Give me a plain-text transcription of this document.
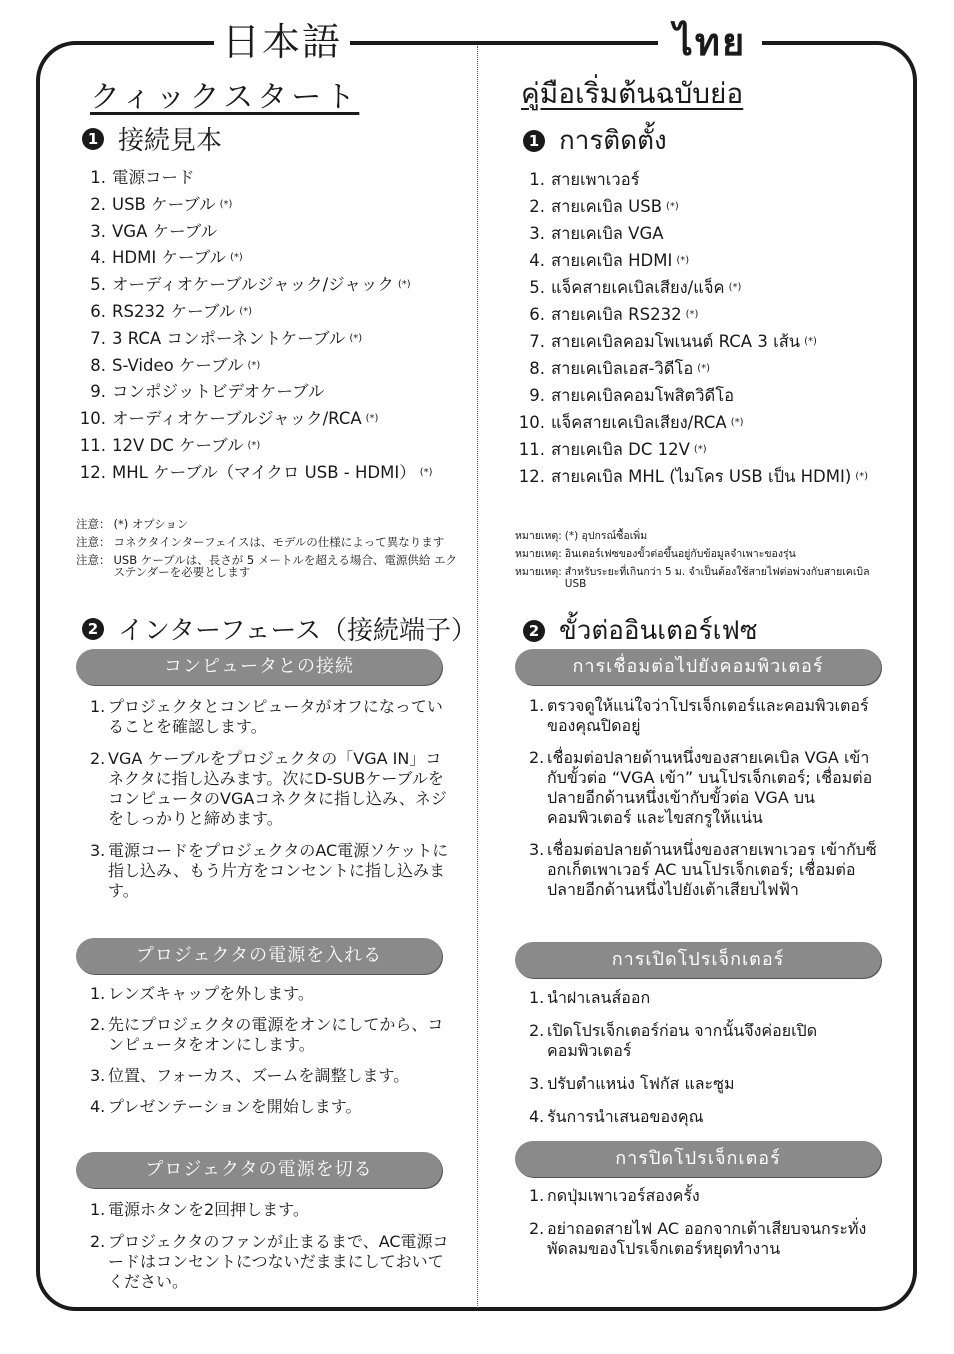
日本語	ไทย
クィックスタート
1 接続見本
1. 電源コード
2. USB ケーブル (*)
3. VGA ケーブル
4. HDMI ケーブル (*)
5. オーディオケーブルジャック/ジャック (*)
6. RS232 ケーブル (*)
7. 3 RCA コンポーネントケーブル (*)
8. S-Video ケーブル (*)
9. コンポジットビデオケーブル
10. オーディオケーブルジャック/RCA (*)
11. 12V DC ケーブル (*)
12. MHL ケーブル（マイクロ USB - HDMI） (*)
注意： (*) オプション
注意： コネクタインターフェイスは、モデルの仕様によって異なります
注意： USB ケーブルは、長さが 5 メートルを超える場合、電源供給 エクステンダーを必要とします
2 インターフェース（接続端子）
コンピュータとの接続
1. プロジェクタとコンピュータがオフになっていることを確認します。
2. VGA ケーブルをプロジェクタの「VGA IN」コネクタに指し込みます。次にD-SUBケーブルをコンピュータのVGAコネクタに指し込み、ネジをしっかりと締めます。
3. 電源コードをプロジェクタのAC電源ソケットに指し込み、もう片方をコンセントに指し込みます。
プロジェクタの電源を入れる
1. レンズキャップを外します。
2. 先にプロジェクタの電源をオンにしてから、コンピュータをオンにします。
3. 位置、フォーカス、ズームを調整します。
4. プレゼンテーションを開始します。
プロジェクタの電源を切る
1. 電源ホタンを2回押します。
2. プロジェクタのファンが止まるまで、AC電源コードはコンセントにつないだままにしておいてください。
คู่มือเริ่มต้นฉบับย่อ
1 การติดตั้ง
1. สายเพาเวอร์
2. สายเคเบิล USB (*)
3. สายเคเบิล VGA
4. สายเคเบิล HDMI (*)
5. แจ็คสายเคเบิลเสียง/แจ็ค (*)
6. สายเคเบิล RS232 (*)
7. สายเคเบิลคอมโพเนนต์ RCA 3 เส้น (*)
8. สายเคเบิลเอส-วิดีโอ (*)
9. สายเคเบิลคอมโพสิตวิดีโอ
10. แจ็คสายเคเบิลเสียง/RCA (*)
11. สายเคเบิล DC 12V (*)
12. สายเคเบิล MHL (ไมโคร USB เป็น HDMI) (*)
หมายเหตุ: (*) อุปกรณ์ซื้อเพิ่ม
หมายเหตุ: อินเตอร์เฟซของขั้วต่อขึ้นอยู่กับข้อมูลจำเพาะของรุ่น
หมายเหตุ: สำหรับระยะที่เกินกว่า 5 ม. จำเป็นต้องใช้สายไฟต่อพ่วงกับสายเคเบิล USB
2 ขั้วต่ออินเตอร์เฟซ
การเชื่อมต่อไปยังคอมพิวเตอร์
1. ตรวจดูให้แน่ใจว่าโปรเจ็กเตอร์และคอมพิวเตอร์ของคุณปิดอยู่
2. เชื่อมต่อปลายด้านหนึ่งของสายเคเบิล VGA เข้ากับขั้วต่อ “VGA เข้า” บนโปรเจ็กเตอร์; เชื่อมต่อปลายอีกด้านหนึ่งเข้ากับขั้วต่อ VGA บนคอมพิวเตอร์ และไขสกรูให้แน่น
3. เชื่อมต่อปลายด้านหนึ่งของสายเพาเวอร เข้ากับซ็อกเก็ตเพาเวอร์ AC บนโปรเจ็กเตอร์; เชื่อมต่อปลายอีกด้านหนึ่งไปยังเต้าเสียบไฟฟ้า
การเปิดโปรเจ็กเตอร์
1. นำฝาเลนส์ออก
2. เปิดโปรเจ็กเตอร์ก่อน จากนั้นจึงค่อยเปิดคอมพิวเตอร์
3. ปรับตำแหน่ง โฟกัส และซูม
4. รันการนำเสนอของคุณ
การปิดโปรเจ็กเตอร์
1. กดปุ่มเพาเวอร์สองครั้ง
2. อย่าถอดสายไฟ AC ออกจากเต้าเสียบจนกระทั่งพัดลมของโปรเจ็กเตอร์หยุดทำงาน
